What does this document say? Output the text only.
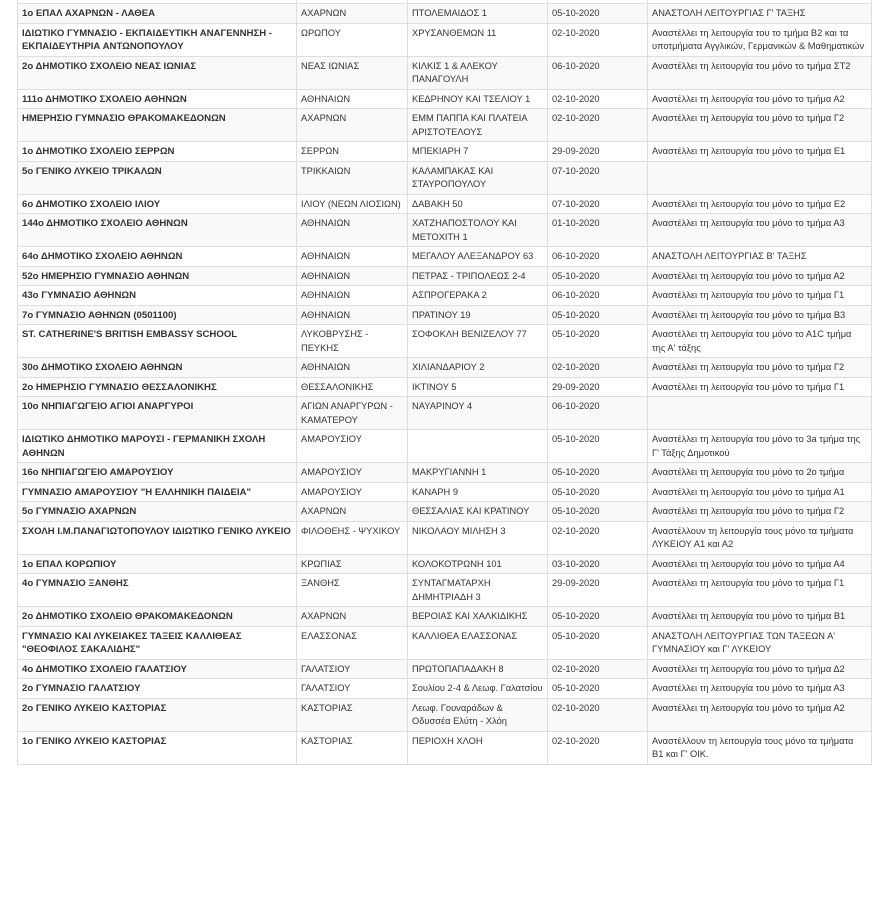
1ο ΕΠΑΛ ΑΧΑΡΝΩΝ - ΛΑΘΕΑ	ΑΧΑΡΝΩΝ	ΠΤΟΛΕΜΑΙΔΟΣ 1	05-10-2020	ΑΝΑΣΤΟΛΗ ΛΕΙΤΟΥΡΓΙΑΣ Γ' ΤΑΞΗΣ
ΙΔΙΩΤΙΚΟ ΓΥΜΝΑΣΙΟ - ΕΚΠΑΙΔΕΥΤΙΚΗ ΑΝΑΓΕΝΝΗΣΗ - ΕΚΠΑΙΔΕΥΤΗΡΙΑ ΑΝΤΩΝΟΠΟΥΛΟΥ	ΩΡΩΠΟΥ	ΧΡΥΣΑΝΘΕΜΩΝ 11	02-10-2020	Αναστέλλει τη λειτουργία του το τμήμα Β2 και τα υποτμήματα Αγγλικών, Γερμανικών & Μαθηματικών
2ο ΔΗΜΟΤΙΚΟ ΣΧΟΛΕΙΟ ΝΕΑΣ ΙΩΝΙΑΣ	ΝΕΑΣ ΙΩΝΙΑΣ	ΚΙΛΚΙΣ 1 & ΑΛΕΚΟΥ ΠΑΝΑΓΟΥΛΗ	06-10-2020	Αναστέλλει τη λειτουργία του μόνο το τμήμα ΣΤ2
111ο ΔΗΜΟΤΙΚΟ ΣΧΟΛΕΙΟ ΑΘΗΝΩΝ	ΑΘΗΝΑΙΩΝ	ΚΕΔΡΗΝΟΥ ΚΑΙ ΤΣΕΛΙΟΥ 1	02-10-2020	Αναστέλλει τη λειτουργία του μόνο το τμήμα Α2
ΗΜΕΡΗΣΙΟ ΓΥΜΝΑΣΙΟ ΘΡΑΚΟΜΑΚΕΔΟΝΩΝ	ΑΧΑΡΝΩΝ	ΕΜΜ ΠΑΠΠΑ ΚΑΙ ΠΛΑΤΕΙΑ ΑΡΙΣΤΟΤΕΛΟΥΣ	02-10-2020	Αναστέλλει τη λειτουργία του μόνο το τμήμα Γ2
1ο ΔΗΜΟΤΙΚΟ ΣΧΟΛΕΙΟ ΣΕΡΡΩΝ	ΣΕΡΡΩΝ	ΜΠΕΚΙΑΡΗ 7	29-09-2020	Αναστέλλει τη λειτουργία του μόνο το τμήμα Ε1
5ο ΓΕΝΙΚΟ ΛΥΚΕΙΟ ΤΡΙΚΑΛΩΝ	ΤΡΙΚΚΑΙΩΝ	ΚΑΛΑΜΠΑΚΑΣ ΚΑΙ ΣΤΑΥΡΟΠΟΥΛΟΥ	07-10-2020	
6ο ΔΗΜΟΤΙΚΟ ΣΧΟΛΕΙΟ ΙΛΙΟΥ	ΙΛΙΟΥ (ΝΕΩΝ ΛΙΟΣΙΩΝ)	ΔΑΒΑΚΗ 50	07-10-2020	Αναστέλλει τη λειτουργία του μόνο το τμήμα Ε2
144ο ΔΗΜΟΤΙΚΟ ΣΧΟΛΕΙΟ ΑΘΗΝΩΝ	ΑΘΗΝΑΙΩΝ	ΧΑΤΖΗΑΠΟΣΤΟΛΟΥ ΚΑΙ ΜΕΤΟΧΙΤΗ 1	01-10-2020	Αναστέλλει τη λειτουργία του μόνο το τμήμα Α3
64ο ΔΗΜΟΤΙΚΟ ΣΧΟΛΕΙΟ ΑΘΗΝΩΝ	ΑΘΗΝΑΙΩΝ	ΜΕΓΑΛΟΥ ΑΛΕΞΑΝΔΡΟΥ 63	06-10-2020	ΑΝΑΣΤΟΛΗ ΛΕΙΤΟΥΡΓΙΑΣ Β' ΤΑΞΗΣ
52ο ΗΜΕΡΗΣΙΟ ΓΥΜΝΑΣΙΟ ΑΘΗΝΩΝ	ΑΘΗΝΑΙΩΝ	ΠΕΤΡΑΣ - ΤΡΙΠΟΛΕΩΣ 2-4	05-10-2020	Αναστέλλει τη λειτουργία του μόνο το τμήμα Α2
43ο ΓΥΜΝΑΣΙΟ ΑΘΗΝΩΝ	ΑΘΗΝΑΙΩΝ	ΑΣΠΡΟΓΕΡΑΚΑ 2	06-10-2020	Αναστέλλει τη λειτουργία του μόνο το τμήμα Γ1
7ο ΓΥΜΝΑΣΙΟ ΑΘΗΝΩΝ (0501100)	ΑΘΗΝΑΙΩΝ	ΠΡΑΤΙΝΟΥ 19	05-10-2020	Αναστέλλει τη λειτουργία του μόνο το τμήμα Β3
ST. CATHERINE'S BRITISH EMBASSY SCHOOL	ΛΥΚΟΒΡΥΣΗΣ - ΠΕΥΚΗΣ	ΣΟΦΟΚΛΗ ΒΕΝΙΖΕΛΟΥ 77	05-10-2020	Αναστέλλει τη λειτουργία του μόνο το Α1C τμήμα της Α' τάξης
30ο ΔΗΜΟΤΙΚΟ ΣΧΟΛΕΙΟ ΑΘΗΝΩΝ	ΑΘΗΝΑΙΩΝ	ΧΙΛΙΑΝΔΑΡΙΟΥ 2	02-10-2020	Αναστέλλει τη λειτουργία του μόνο το τμήμα Γ2
2ο ΗΜΕΡΗΣΙΟ ΓΥΜΝΑΣΙΟ ΘΕΣΣΑΛΟΝΙΚΗΣ	ΘΕΣΣΑΛΟΝΙΚΗΣ	ΙΚΤΙΝΟΥ 5	29-09-2020	Αναστέλλει τη λειτουργία του μόνο το τμήμα Γ1
10ο ΝΗΠΙΑΓΩΓΕΙΟ ΑΓΙΟΙ ΑΝΑΡΓΥΡΟΙ	ΑΓΙΩΝ ΑΝΑΡΓΥΡΩΝ - ΚΑΜΑΤΕΡΟΥ	ΝΑΥΑΡΙΝΟΥ 4	06-10-2020	
ΙΔΙΩΤΙΚΟ ΔΗΜΟΤΙΚΟ ΜΑΡΟΥΣΙ - ΓΕΡΜΑΝΙΚΗ ΣΧΟΛΗ ΑΘΗΝΩΝ	ΑΜΑΡΟΥΣΙΟΥ		05-10-2020	Αναστέλλει τη λειτουργία του μόνο το 3a τμήμα της Γ' Τάξης Δημοτικού
16ο ΝΗΠΙΑΓΩΓΕΙΟ ΑΜΑΡΟΥΣΙΟΥ	ΑΜΑΡΟΥΣΙΟΥ	ΜΑΚΡΥΓΙΑΝΝΗ 1	05-10-2020	Αναστέλλει τη λειτουργία του μόνο το 2ο τμήμα
ΓΥΜΝΑΣΙΟ ΑΜΑΡΟΥΣΙΟΥ "Η ΕΛΛΗΝΙΚΗ ΠΑΙΔΕΙΑ"	ΑΜΑΡΟΥΣΙΟΥ	ΚΑΝΑΡΗ 9	05-10-2020	Αναστέλλει τη λειτουργία του μόνο το τμήμα Α1
5ο ΓΥΜΝΑΣΙΟ ΑΧΑΡΝΩΝ	ΑΧΑΡΝΩΝ	ΘΕΣΣΑΛΙΑΣ ΚΑΙ ΚΡΑΤΙΝΟΥ	05-10-2020	Αναστέλλει τη λειτουργία του μόνο το τμήμα Γ2
ΣΧΟΛΗ Ι.Μ.ΠΑΝΑΓΙΩΤΟΠΟΥΛΟΥ ΙΔΙΩΤΙΚΟ ΓΕΝΙΚΟ ΛΥΚΕΙΟ	ΦΙΛΟΘΕΗΣ - ΨΥΧΙΚΟΥ	ΝΙΚΟΛΑΟΥ ΜΙΛΗΣΗ 3	02-10-2020	Αναστέλλουν τη λειτουργία τους μόνο τα τμήματα ΛΥΚΕΙΟΥ Α1 και Α2
1ο ΕΠΑΛ ΚΟΡΩΠΙΟΥ	ΚΡΩΠΙΑΣ	ΚΟΛΟΚΟΤΡΩΝΗ 101	03-10-2020	Αναστέλλει τη λειτουργία του μόνο το τμήμα Α4
4ο ΓΥΜΝΑΣΙΟ ΞΑΝΘΗΣ	ΞΑΝΘΗΣ	ΣΥΝΤΑΓΜΑΤΑΡΧΗ ΔΗΜΗΤΡΙΑΔΗ 3	29-09-2020	Αναστέλλει τη λειτουργία του μόνο το τμήμα Γ1
2ο ΔΗΜΟΤΙΚΟ ΣΧΟΛΕΙΟ ΘΡΑΚΟΜΑΚΕΔΟΝΩΝ	ΑΧΑΡΝΩΝ	ΒΕΡΟΙΑΣ ΚΑΙ ΧΑΛΚΙΔΙΚΗΣ	05-10-2020	Αναστέλλει τη λειτουργία του μόνο το τμήμα Β1
ΓΥΜΝΑΣΙΟ ΚΑΙ ΛΥΚΕΙΑΚΕΣ ΤΑΞΕΙΣ ΚΑΛΛΙΘΕΑΣ "ΘΕΟΦΙΛΟΣ ΣΑΚΑΛΙΔΗΣ"	ΕΛΑΣΣΟΝΑΣ	ΚΑΛΛΙΘΕΑ ΕΛΑΣΣΟΝΑΣ	05-10-2020	ΑΝΑΣΤΟΛΗ ΛΕΙΤΟΥΡΓΙΑΣ ΤΩΝ ΤΑΞΕΩΝ Α' ΓΥΜΝΑΣΙΟΥ και Γ' ΛΥΚΕΙΟΥ
4ο ΔΗΜΟΤΙΚΟ ΣΧΟΛΕΙΟ ΓΑΛΑΤΣΙΟΥ	ΓΑΛΑΤΣΙΟΥ	ΠΡΩΤΟΠΑΠΑΔΑΚΗ 8	02-10-2020	Αναστέλλει τη λειτουργία του μόνο το τμήμα Δ2
2ο ΓΥΜΝΑΣΙΟ ΓΑΛΑΤΣΙΟΥ	ΓΑΛΑΤΣΙΟΥ	Σουλίου 2-4 & Λεωφ. Γαλατσίου	05-10-2020	Αναστέλλει τη λειτουργία του μόνο το τμήμα Α3
2ο ΓΕΝΙΚΟ ΛΥΚΕΙΟ ΚΑΣΤΟΡΙΑΣ	ΚΑΣΤΟΡΙΑΣ	Λεωφ. Γουναράδων & Οδυσσέα Ελύτη - Χλόη	02-10-2020	Αναστέλλει τη λειτουργία του μόνο το τμήμα Α2
1ο ΓΕΝΙΚΟ ΛΥΚΕΙΟ ΚΑΣΤΟΡΙΑΣ	ΚΑΣΤΟΡΙΑΣ	ΠΕΡΙΟΧΗ ΧΛΟΗ	02-10-2020	Αναστέλλουν τη λειτουργία τους μόνο τα τμήματα Β1 και Γ' ΟΙΚ.
